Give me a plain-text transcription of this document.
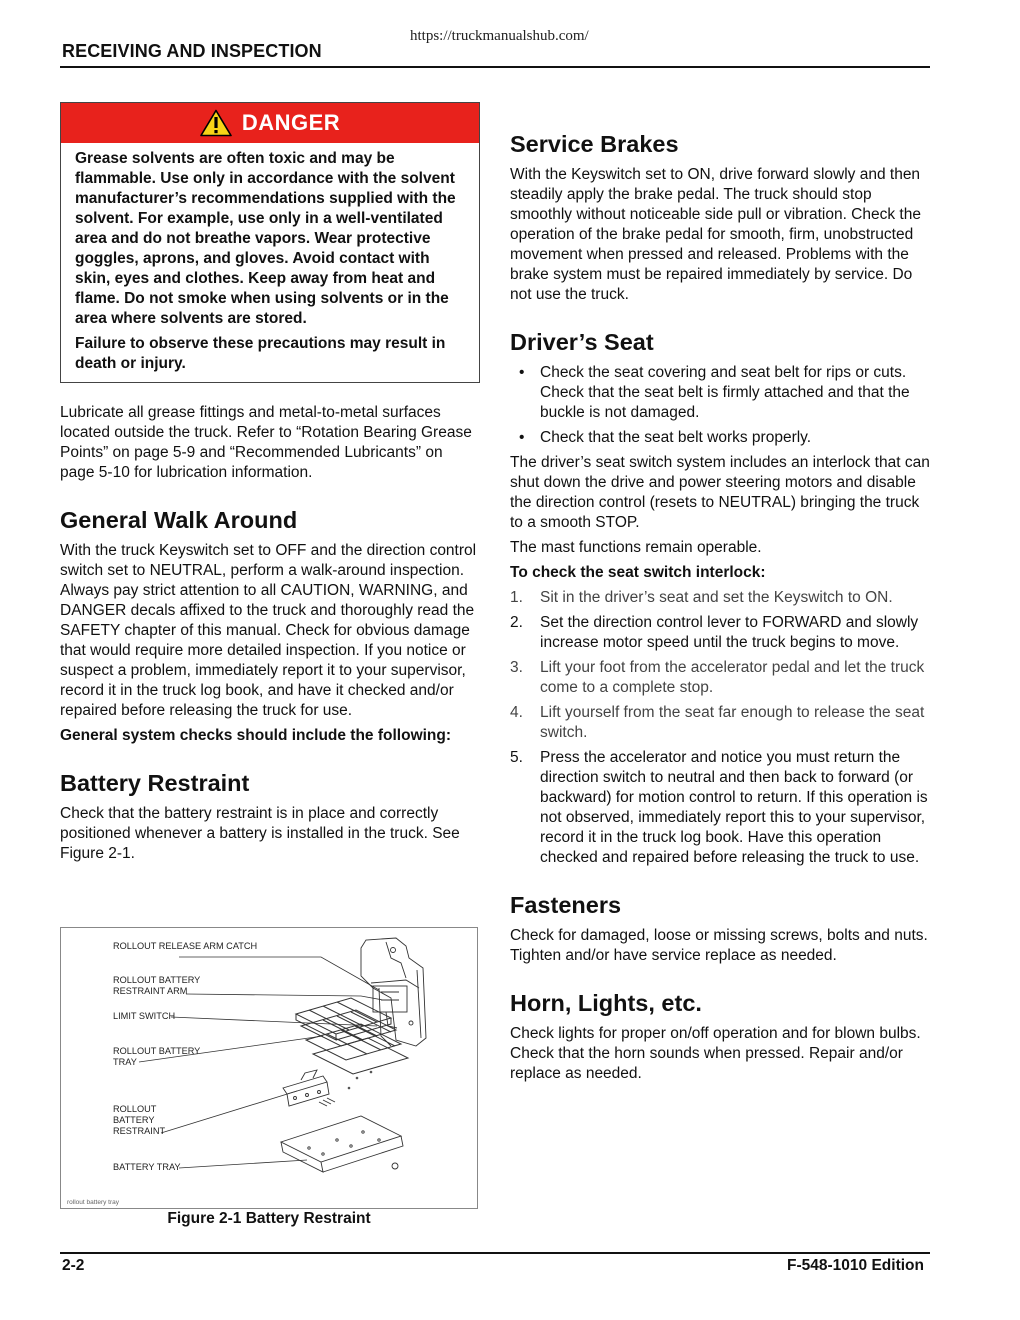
https://truckmanualshub.com/
RECEIVING AND INSPECTION
DANGER

Grease solvents are often toxic and may be flammable. Use only in accordance with the solvent manufacturer’s recommendations supplied with the solvent. For example, use only in a well-ventilated area and do not breathe vapors. Wear protective goggles, aprons, and gloves. Avoid contact with skin, eyes and clothes. Keep away from heat and flame. Do not smoke when using solvents or in the area where solvents are stored.

Failure to observe these precautions may result in death or injury.

Lubricate all grease fittings and metal-to-metal surfaces located outside the truck. Refer to “Rotation Bearing Grease Points” on page 5-9 and “Recommended Lubricants” on page 5-10 for lubrication information.

General Walk Around

With the truck Keyswitch set to OFF and the direction control switch set to NEUTRAL, perform a walk-around inspection. Always pay strict attention to all CAUTION, WARNING, and DANGER decals affixed to the truck and thoroughly read the SAFETY chapter of this manual. Check for obvious damage that would require more detailed inspection. If you notice or suspect a problem, immediately report it to your supervisor, record it in the truck log book, and have it checked and/or repaired before releasing the truck for use.

General system checks should include the following:

Battery Restraint

Check that the battery restraint is in place and correctly positioned whenever a battery is installed in the truck. See Figure 2-1.

ROLLOUT RELEASE ARM CATCH
ROLLOUT BATTERY RESTRAINT ARM
LIMIT SWITCH
ROLLOUT BATTERY TRAY
ROLLOUT BATTERY RESTRAINT
BATTERY TRAY
rollout battery tray
Figure 2-1 Battery Restraint
Service Brakes

With the Keyswitch set to ON, drive forward slowly and then steadily apply the brake pedal. The truck should stop smoothly without noticeable side pull or vibration. Check the operation of the brake pedal for smooth, firm, unobstructed movement when pressed and released. Problems with the brake system must be repaired immediately by service. Do not use the truck.

Driver’s Seat
• Check the seat covering and seat belt for rips or cuts. Check that the seat belt is firmly attached and that the buckle is not damaged.
• Check that the seat belt works properly.

The driver’s seat switch system includes an interlock that can shut down the drive and power steering motors and disable the direction control (resets to NEUTRAL) bringing the truck to a smooth STOP.

The mast functions remain operable.

To check the seat switch interlock:

1. Sit in the driver’s seat and set the Keyswitch to ON.
2. Set the direction control lever to FORWARD and slowly increase motor speed until the truck begins to move.
3. Lift your foot from the accelerator pedal and let the truck come to a complete stop.
4. Lift yourself from the seat far enough to release the seat switch.
5. Press the accelerator and notice you must return the direction switch to neutral and then back to forward (or backward) for motion control to return. If this operation is not observed, immediately report this to your supervisor, record it in the truck log book. Have this operation checked and repaired before releasing the truck to use.
Fasteners

Check for damaged, loose or missing screws, bolts and nuts. Tighten and/or have service replace as needed.

Horn, Lights, etc.

Check lights for proper on/off operation and for blown bulbs. Check that the horn sounds when pressed. Repair and/or replace as needed.

2-2	F-548-1010 Edition
